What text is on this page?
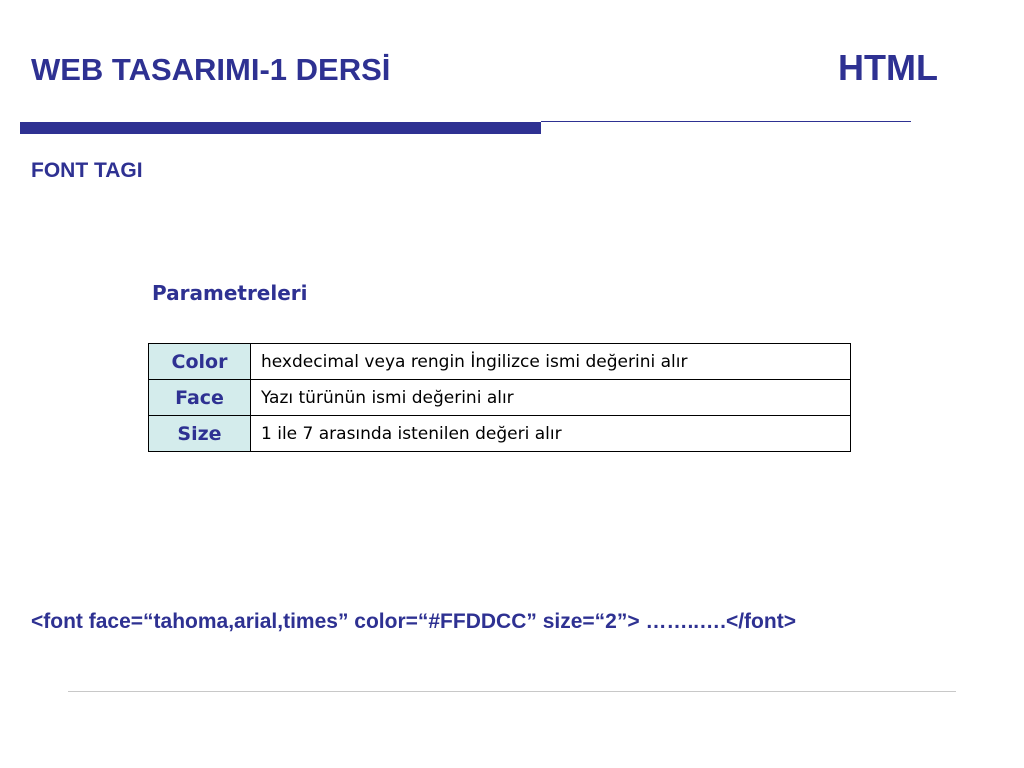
WEB TASARIMI-1 DERSİ	HTML
FONT TAGI
Parametreleri
Color	hexdecimal veya rengin İngilizce ismi değerini alır
Face	Yazı türünün ismi değerini alır
Size	1 ile 7 arasında istenilen değeri alır
<font face=“tahoma,arial,times” color=“#FFDDCC” size=“2”> ……..….</font>
